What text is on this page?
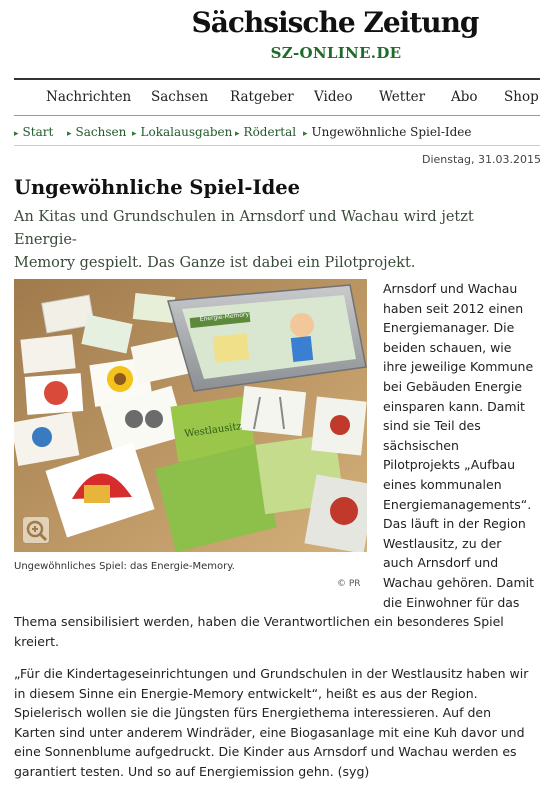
Sächsische Zeitung
SZ-ONLINE.DE
Nachrichten Sachsen Ratgeber Video Wetter Abo Shop
▸ Start ▸ Sachsen ▸ Lokalausgaben ▸ Rödertal ▸ Ungewöhnliche Spiel-Idee
Dienstag, 31.03.2015
Ungewöhnliche Spiel-Idee
An Kitas und Grundschulen in Arnsdorf und Wachau wird jetzt Energie-
Memory gespielt. Das Ganze ist dabei ein Pilotprojekt.
Energie-Memory
Westlausitz
Ungewöhnliches Spiel: das Energie-Memory.
© PR
Arnsdorf und Wachau
haben seit 2012 einen
Energiemanager. Die
beiden schauen, wie
ihre jeweilige Kommune
bei Gebäuden Energie
einsparen kann. Damit
sind sie Teil des
sächsischen
Pilotprojekts „Aufbau
eines kommunalen
Energiemanagements“.
Das läuft in der Region
Westlausitz, zu der
auch Arnsdorf und
Wachau gehören. Damit
die Einwohner für das
Thema sensibilisiert werden, haben die Verantwortlichen ein besonderes Spiel
kreiert.
„Für die Kindertageseinrichtungen und Grundschulen in der Westlausitz haben wir
in diesem Sinne ein Energie-Memory entwickelt“, heißt es aus der Region.
Spielerisch wollen sie die Jüngsten fürs Energiethema interessieren. Auf den
Karten sind unter anderem Windräder, eine Biogasanlage mit eine Kuh davor und
eine Sonnenblume aufgedruckt. Die Kinder aus Arnsdorf und Wachau werden es
garantiert testen. Und so auf Energiemission gehn. (syg)
